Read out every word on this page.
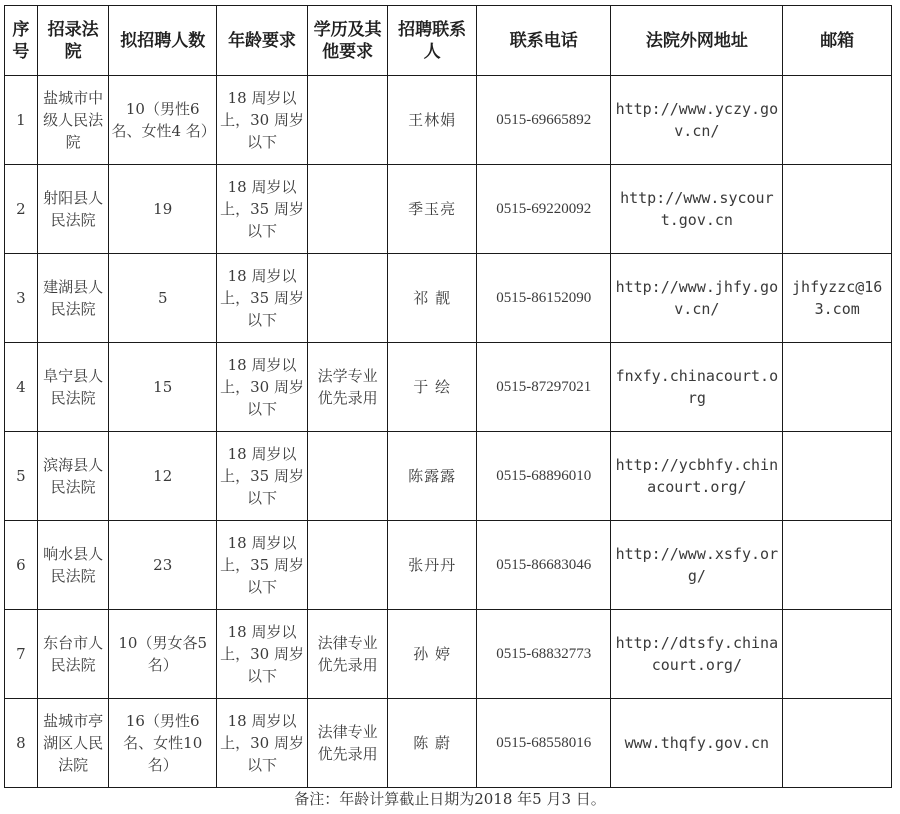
序号	招录法院	拟招聘人数	年龄要求	学历及其他要求	招聘联系人	联系电话	法院外网地址	邮箱
1	盐城市中级人民法院	10（男性6 名、女性4 名）	18 周岁以上，30 周岁以下		王林娟	0515-69665892	http://www.yczy.gov.cn/	
2	射阳县人民法院	19	18 周岁以上，35 周岁以下		季玉亮	0515-69220092	http://www.sycourt.gov.cn	
3	建湖县人民法院	5	18 周岁以上，35 周岁以下		祁 靓	0515-86152090	http://www.jhfy.gov.cn/	jhfyzzc@163.com
4	阜宁县人民法院	15	18 周岁以上，30 周岁以下	法学专业优先录用	于 绘	0515-87297021	fnxfy.chinacourt.org	
5	滨海县人民法院	12	18 周岁以上，35 周岁以下		陈露露	0515-68896010	http://ycbhfy.chinacourt.org/	
6	响水县人民法院	23	18 周岁以上，35 周岁以下		张丹丹	0515-86683046	http://www.xsfy.org/	
7	东台市人民法院	10（男女各5 名）	18 周岁以上，30 周岁以下	法律专业优先录用	孙 婷	0515-68832773	http://dtsfy.chinacourt.org/	
8	盐城市亭湖区人民法院	16（男性6 名、女性10 名）	18 周岁以上，30 周岁以下	法律专业优先录用	陈 蔚	0515-68558016	www.thqfy.gov.cn	
备注：年龄计算截止日期为2018 年5 月3 日。
